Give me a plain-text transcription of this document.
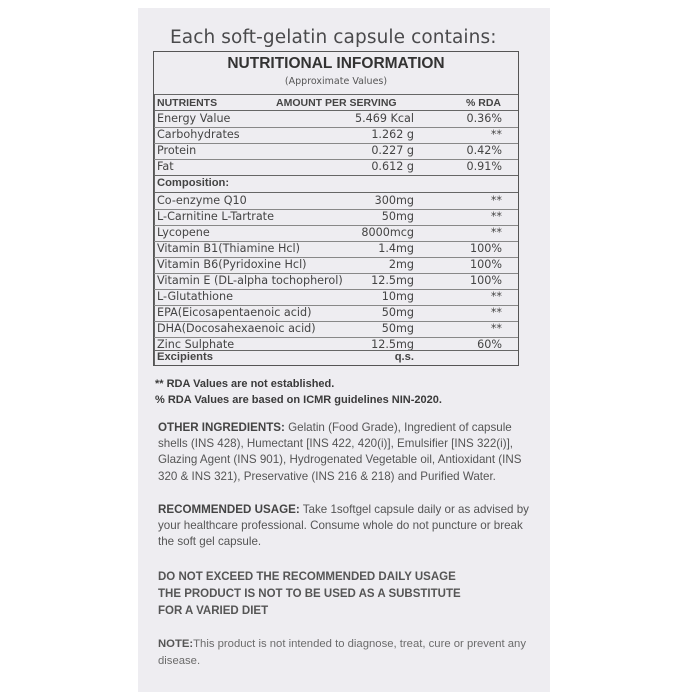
Each soft-gelatin capsule contains:
NUTRITIONAL INFORMATION
(Approximate Values)
NUTRIENTS	AMOUNT PER SERVING	% RDA
Energy Value	5.469 Kcal	0.36%
Carbohydrates	1.262 g	**
Protein	0.227 g	0.42%
Fat	0.612 g	0.91%
Composition:
Co-enzyme Q10	300mg	**
L-Carnitine L-Tartrate	50mg	**
Lycopene	8000mcg	**
Vitamin B1(Thiamine Hcl)	1.4mg	100%
Vitamin B6(Pyridoxine Hcl)	2mg	100%
Vitamin E (DL-alpha tochopherol)	12.5mg	100%
L-Glutathione	10mg	**
EPA(Eicosapentaenoic acid)	50mg	**
DHA(Docosahexaenoic acid)	50mg	**
Zinc Sulphate	12.5mg	60%
Excipients	q.s.
** RDA Values are not established.
% RDA Values are based on ICMR guidelines NIN-2020.
OTHER INGREDIENTS: Gelatin (Food Grade), Ingredient of capsule shells (INS 428), Humectant [INS 422, 420(i)], Emulsifier [INS 322(i)], Glazing Agent (INS 901), Hydrogenated Vegetable oil, Antioxidant (INS 320 & INS 321), Preservative (INS 216 & 218) and Purified Water.
RECOMMENDED USAGE: Take 1softgel capsule daily or as advised by your healthcare professional. Consume whole do not puncture or break the soft gel capsule.
DO NOT EXCEED THE RECOMMENDED DAILY USAGE
THE PRODUCT IS NOT TO BE USED AS A SUBSTITUTE
FOR A VARIED DIET
NOTE:This product is not intended to diagnose, treat, cure or prevent any disease.
